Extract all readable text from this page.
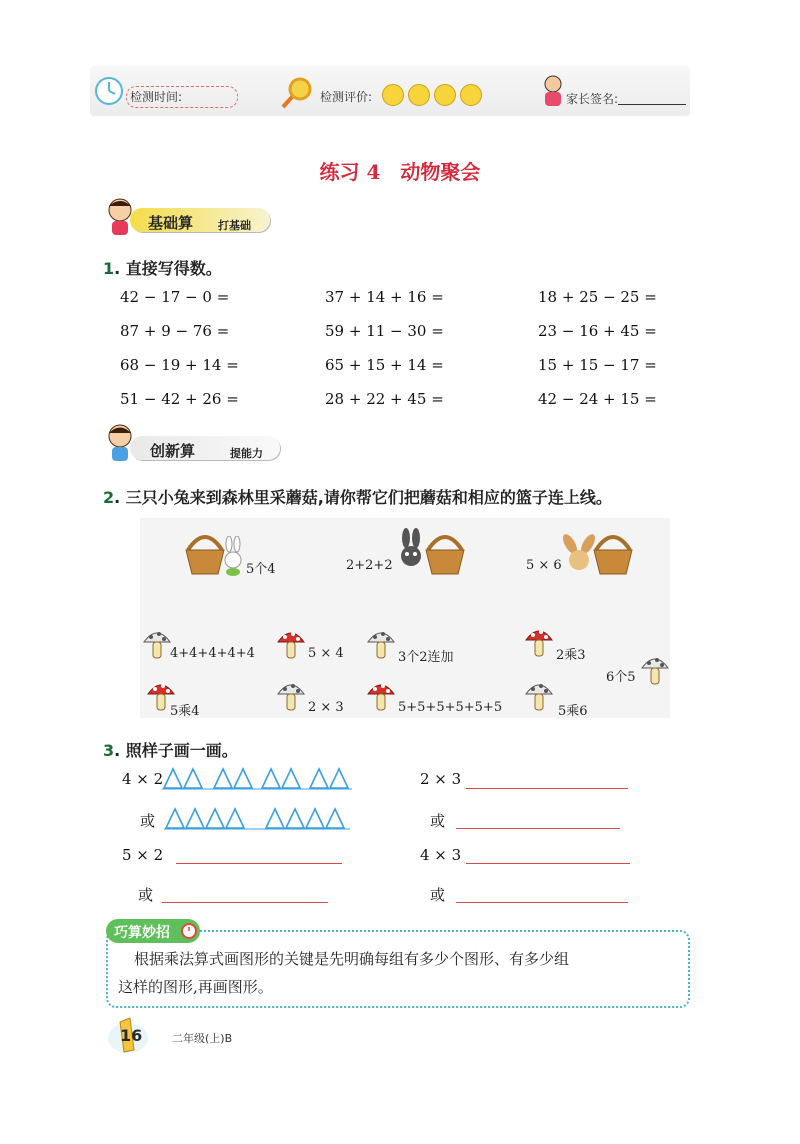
检测时间:	检测评价:	家长签名:
练习 4　动物聚会
基础算 打基础
1. 直接写得数。
42 − 17 − 0 =	37 + 14 + 16 =	18 + 25 − 25 =
87 + 9 − 76 =	59 + 11 − 30 =	23 − 16 + 45 =
68 − 19 + 14 =	65 + 15 + 14 =	15 + 15 − 17 =
51 − 42 + 26 =	28 + 22 + 45 =	42 − 24 + 15 =
创新算	提能力
2. 三只小兔来到森林里采蘑菇,请你帮它们把蘑菇和相应的篮子连上线。
5个4	2+2+2	5 × 6
4+4+4+4+4	5 × 4	3个2连加	2乘3
6个5
5乘4	2 × 3	5+5+5+5+5+5	5乘6
3. 照样子画一画。
4 × 2
或
2 × 3
或
5 × 2
或
4 × 3
或
巧算妙招
根据乘法算式画图形的关键是先明确每组有多少个图形、有多少组
这样的图形,再画图形。
16	二年级(上)B
